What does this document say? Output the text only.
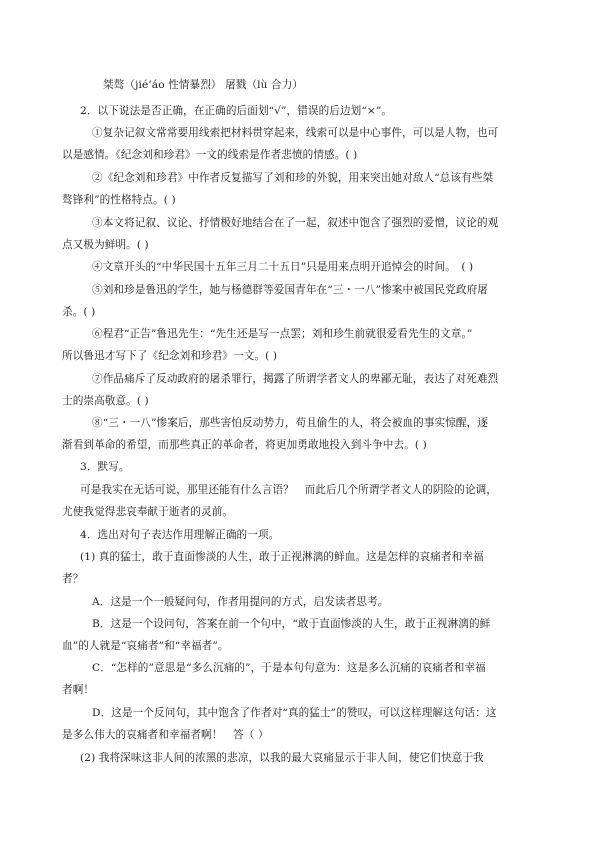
桀骜（jié’áo 性情暴烈） 屠戮（lù 合力）
2．以下说法是否正确，在正确的后面划“√”，错误的后边划“×”。
①复杂记叙文常常要用线索把材料贯穿起来，线索可以是中心事件，可以是人物，也可
以是感情。《纪念刘和珍君》一文的线索是作者悲愤的情感。( )
②《纪念刘和珍君》中作者反复描写了刘和珍的外貌，用来突出她对敌人“总该有些桀
骜锋利”的性格特点。( )
③本文将记叙、议论、抒情极好地结合在了一起，叙述中饱含了强烈的爱憎，议论的观
点又极为鲜明。( )
④文章开头的“中华民国十五年三月二十五日”只是用来点明开追悼会的时间。　( )
⑤刘和珍是鲁迅的学生，她与杨德群等爱国青年在“三・一八”惨案中被国民党政府屠
杀。( )
⑥程君“正告”鲁迅先生：“先生还是写一点罢；刘和珍生前就很爱看先生的文章。”
所以鲁迅才写下了《纪念刘和珍君》一文。( )
⑦作品痛斥了反动政府的屠杀罪行，揭露了所谓学者文人的卑鄙无耻，表达了对死难烈
士的崇高敬意。( )
⑧“三・一八”惨案后，那些害怕反动势力，苟且偷生的人，将会被血的事实惊醒，逐
渐看到革命的希望，而那些真正的革命者，将更加勇敢地投入到斗争中去。( )
3．默写。
可是我实在无话可说，那里还能有什么言语？　而此后几个所谓学者文人的阴险的论调，
尤使我觉得悲哀奉献于逝者的灵前。
4．选出对句子表达作用理解正确的一项。
(1) 真的猛士，敢于直面惨淡的人生，敢于正视淋漓的鲜血。这是怎样的哀痛者和幸福
者？
A．这是一个一般疑问句，作者用提问的方式，启发读者思考。
B．这是一个设问句，答案在前一个句中，“敢于直面惨淡的人生，敢于正视淋漓的鲜
血”的人就是“哀痛者”和“幸福者”。
C．“怎样的”意思是“多么沉痛的”，于是本句句意为：这是多么沉痛的哀痛者和幸福
者啊！
D．这是一个反问句，其中饱含了作者对“真的猛士”的赞叹，可以这样理解这句话：这
是多么伟大的哀痛者和幸福者啊！　答（ ）
(2) 我将深味这非人间的浓黑的悲凉，以我的最大哀痛显示于非人间，使它们快意于我
